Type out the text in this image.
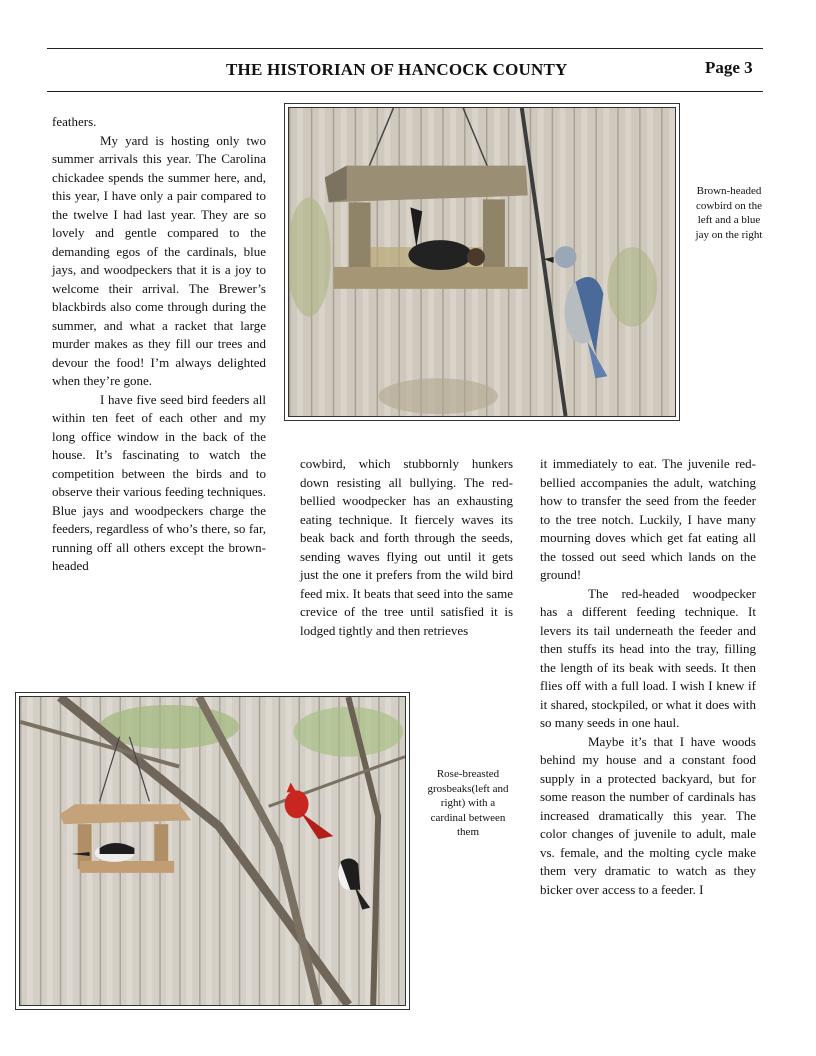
THE HISTORIAN OF HANCOCK COUNTY	Page 3

feathers.

My yard is hosting only two summer arrivals this year. The Carolina chickadee spends the summer here, and, this year, I have only a pair compared to the twelve I had last year. They are so lovely and gentle compared to the demanding egos of the cardinals, blue jays, and woodpeckers that it is a joy to welcome their arrival. The Brewer’s blackbirds also come through during the summer, and what a racket that large murder makes as they fill our trees and devour the food! I’m always delighted when they’re gone.

I have five seed bird feeders all within ten feet of each other and my long office window in the back of the house. It’s fascinating to watch the competition between the birds and to observe their various feeding techniques. Blue jays and woodpeckers charge the feeders, regardless of who’s there, so far, running off all others except the brown-headed

cowbird, which stubbornly hunkers down resisting all bullying. The red-bellied woodpecker has an exhausting eating technique. It fiercely waves its beak back and forth through the seeds, sending waves flying out until it gets just the one it prefers from the wild bird feed mix. It beats that seed into the same crevice of the tree until satisfied it is lodged tightly and then retrieves

it immediately to eat. The juvenile red-bellied accompanies the adult, watching how to transfer the seed from the feeder to the tree notch. Luckily, I have many mourning doves which get fat eating all the tossed out seed which lands on the ground!

The red-headed woodpecker has a different feeding technique. It levers its tail underneath the feeder and then stuffs its head into the tray, filling the length of its beak with seeds. It then flies off with a full load. I wish I knew if it shared, stockpiled, or what it does with so many seeds in one haul.

Maybe it’s that I have woods behind my house and a constant food supply in a protected backyard, but for some reason the number of cardinals has increased dramatically this year. The color changes of juvenile to adult, male vs. female, and the molting cycle make them very dramatic to watch as they bicker over access to a feeder. I

Brown-headed cowbird on the left and a blue jay on the right
Rose-breasted grosbeaks(left and right) with a cardinal between them
